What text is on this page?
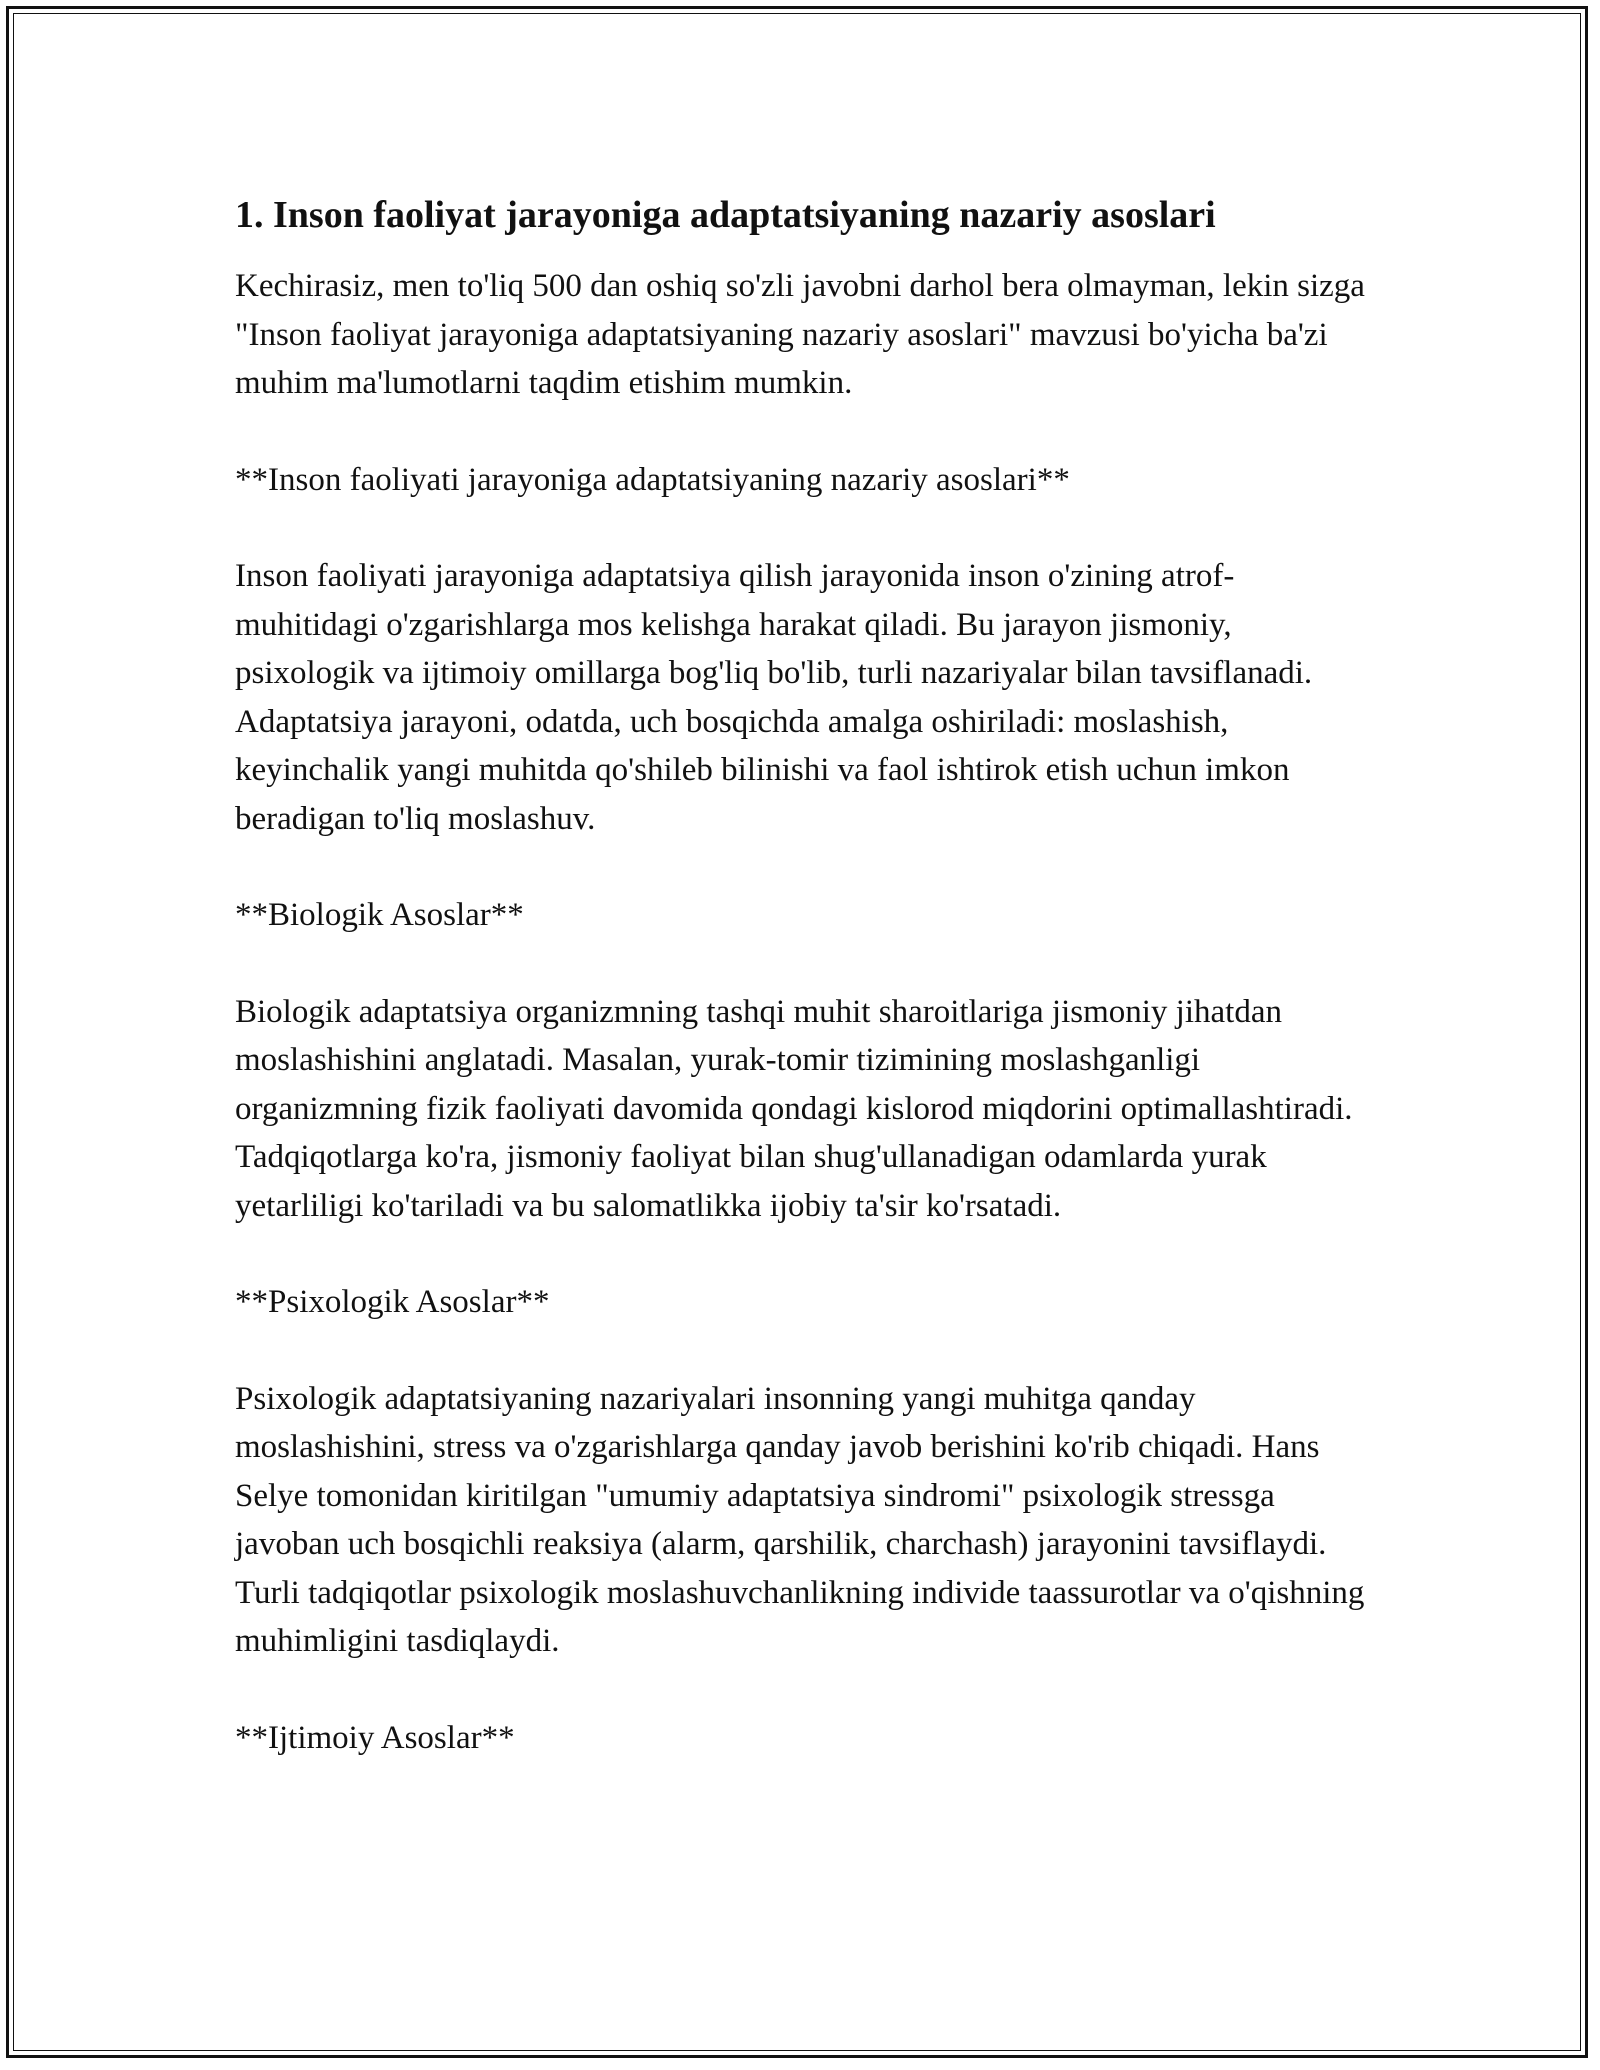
1. Inson faoliyat jarayoniga adaptatsiyaning nazariy asoslari

Kechirasiz, men to'liq 500 dan oshiq so'zli javobni darhol bera olmayman, lekin sizga "Inson faoliyat jarayoniga adaptatsiyaning nazariy asoslari" mavzusi bo'yicha ba'zi muhim ma'lumotlarni taqdim etishim mumkin.

**Inson faoliyati jarayoniga adaptatsiyaning nazariy asoslari**

Inson faoliyati jarayoniga adaptatsiya qilish jarayonida inson o'zining atrof-muhitidagi o'zgarishlarga mos kelishga harakat qiladi. Bu jarayon jismoniy, psixologik va ijtimoiy omillarga bog'liq bo'lib, turli nazariyalar bilan tavsiflanadi. Adaptatsiya jarayoni, odatda, uch bosqichda amalga oshiriladi: moslashish, keyinchalik yangi muhitda qo'shileb bilinishi va faol ishtirok etish uchun imkon beradigan to'liq moslashuv.

**Biologik Asoslar**

Biologik adaptatsiya organizmning tashqi muhit sharoitlariga jismoniy jihatdan moslashishini anglatadi. Masalan, yurak-tomir tizimining moslashganligi organizmning fizik faoliyati davomida qondagi kislorod miqdorini optimallashtiradi. Tadqiqotlarga ko'ra, jismoniy faoliyat bilan shug'ullanadigan odamlarda yurak yetarliligi ko'tariladi va bu salomatlikka ijobiy ta'sir ko'rsatadi.

**Psixologik Asoslar**

Psixologik adaptatsiyaning nazariyalari insonning yangi muhitga qanday moslashishini, stress va o'zgarishlarga qanday javob berishini ko'rib chiqadi. Hans Selye tomonidan kiritilgan "umumiy adaptatsiya sindromi" psixologik stressga javoban uch bosqichli reaksiya (alarm, qarshilik, charchash) jarayonini tavsiflaydi. Turli tadqiqotlar psixologik moslashuvchanlikning individe taassurotlar va o'qishning muhimligini tasdiqlaydi.

**Ijtimoiy Asoslar**
